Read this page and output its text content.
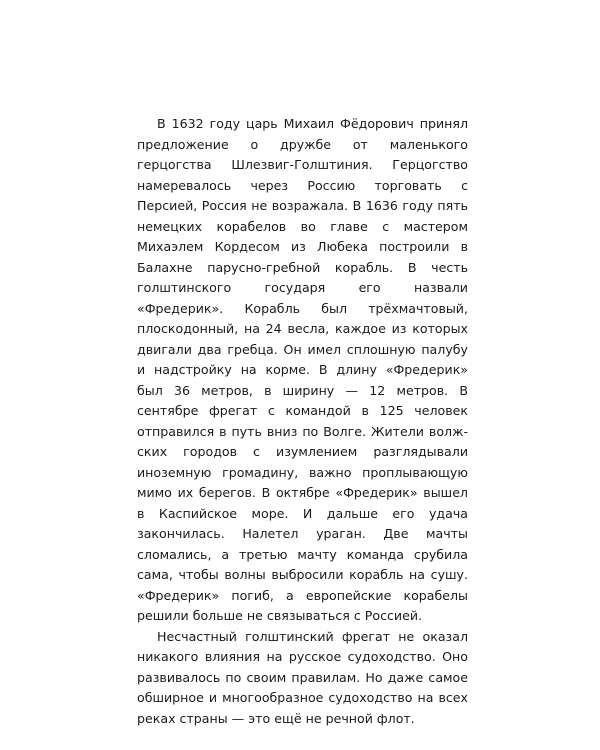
В 1632 году царь Михаил Фёдорович принял предложение о дружбе от маленького герцогства Шлезвиг-Голштиния. Герцогство намеревалось через Россию торговать с Персией, Россия не возражала. В 1636 году пять немецких корабелов во главе с мастером Михаэлем Кордесом из Любека построили в Балахне парусно-гребной корабль. В честь голштинского государя его назвали «Фредерик». Корабль был трёхмачтовый, плоскодонный, на 24 весла, каждое из которых двигали два гребца. Он имел сплошную палубу и надстройку на корме. В длину «Фредерик» был 36 метров, в ширину — 12 метров. В сентябре фрегат с командой в 125 человек отправился в путь вниз по Волге. Жители волжских городов с изумлением разглядывали иноземную громадину, важно проплывающую мимо их берегов. В октябре «Фредерик» вышел в Каспийское море. И дальше его удача закончилась. Налетел ураган. Две мачты сломались, а третью мачту команда срубила сама, чтобы волны выбросили корабль на сушу. «Фредерик» погиб, а европейские корабелы решили больше не связываться с Россией.

Несчастный голштинский фрегат не оказал никакого влияния на русское судоходство. Оно развивалось по своим правилам. Но даже самое обширное и многообразное судоходство на всех реках страны — это ещё не речной флот.
